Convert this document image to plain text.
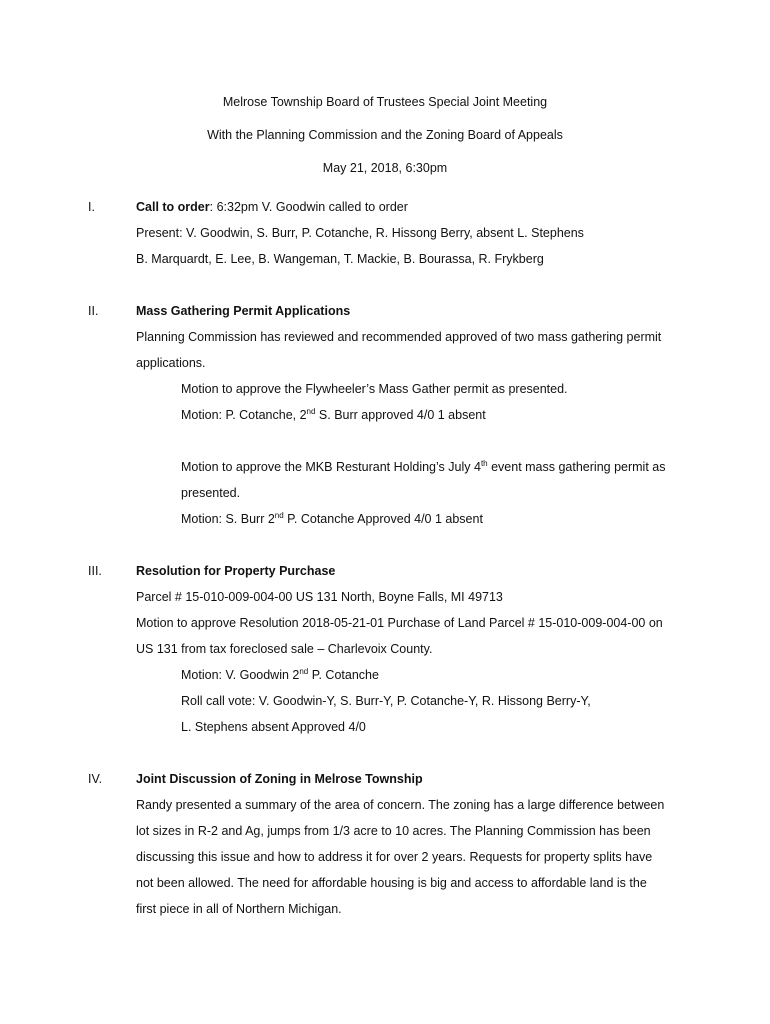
Melrose Township Board of Trustees Special Joint Meeting
With the Planning Commission and the Zoning Board of Appeals
May 21, 2018, 6:30pm
I.	Call to order: 6:32pm V. Goodwin called to order
Present: V. Goodwin, S. Burr, P. Cotanche, R. Hissong Berry, absent L. Stephens
B. Marquardt, E. Lee, B. Wangeman, T. Mackie, B. Bourassa, R. Frykberg
II.	Mass Gathering Permit Applications
Planning Commission has reviewed and recommended approved of two mass gathering permit
applications.
Motion to approve the Flywheeler’s Mass Gather permit as presented.
Motion: P. Cotanche, 2nd S. Burr approved 4/0 1 absent
Motion to approve the MKB Resturant Holding’s July 4th event mass gathering permit as
presented.
Motion: S. Burr 2nd P. Cotanche Approved 4/0 1 absent
III.	Resolution for Property Purchase
Parcel # 15-010-009-004-00 US 131 North, Boyne Falls, MI 49713
Motion to approve Resolution 2018-05-21-01 Purchase of Land Parcel # 15-010-009-004-00 on
US 131 from tax foreclosed sale – Charlevoix County.
Motion: V. Goodwin 2nd P. Cotanche
Roll call vote: V. Goodwin-Y, S. Burr-Y, P. Cotanche-Y, R. Hissong Berry-Y,
L. Stephens absent Approved 4/0
IV.	Joint Discussion of Zoning in Melrose Township
Randy presented a summary of the area of concern. The zoning has a large difference between
lot sizes in R-2 and Ag, jumps from 1/3 acre to 10 acres. The Planning Commission has been
discussing this issue and how to address it for over 2 years. Requests for property splits have
not been allowed. The need for affordable housing is big and access to affordable land is the
first piece in all of Northern Michigan.
